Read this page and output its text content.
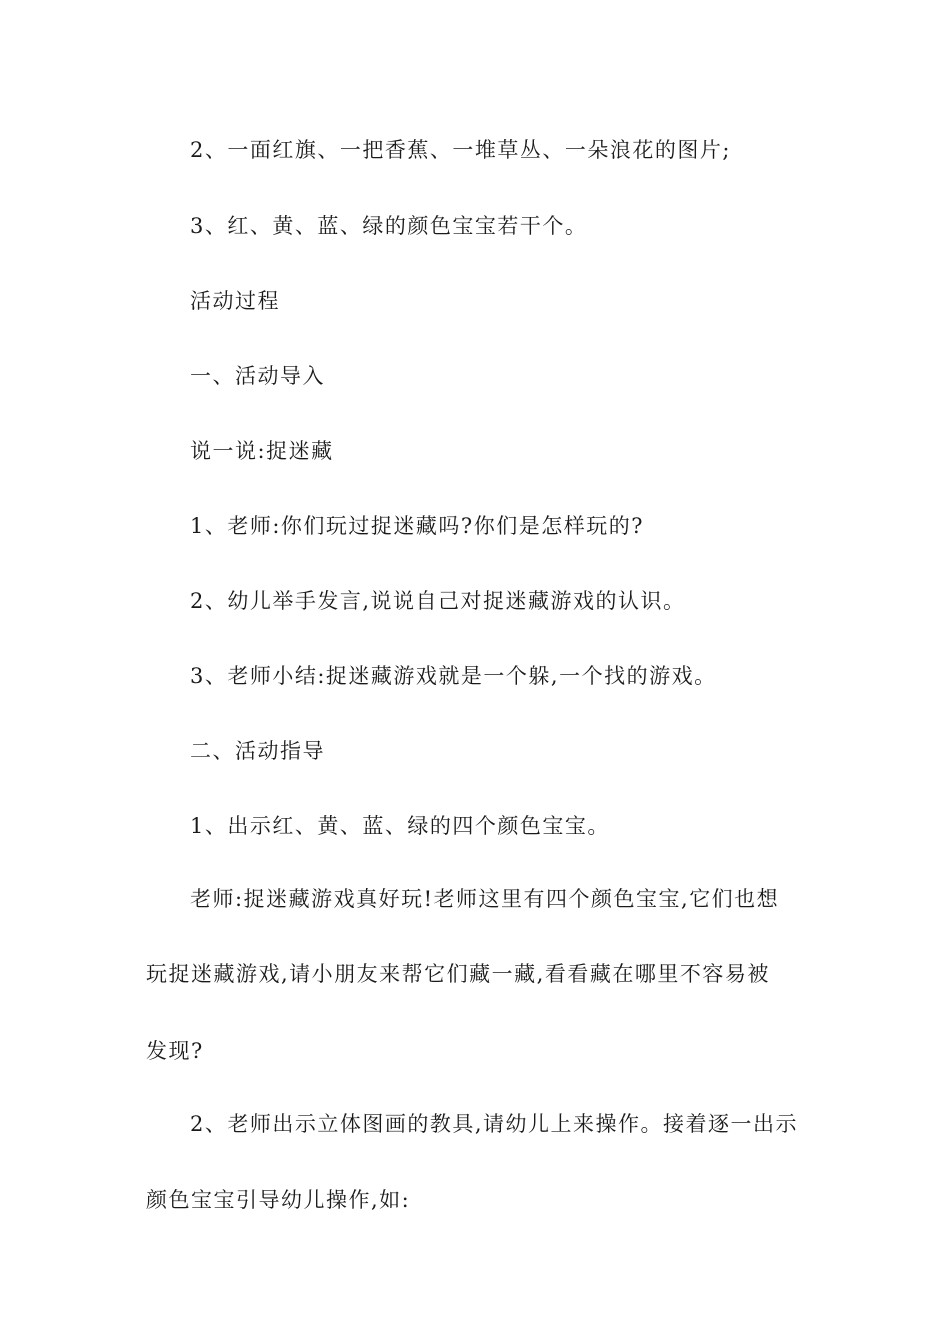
2、一面红旗、一把香蕉、一堆草丛、一朵浪花的图片;
3、红、黄、蓝、绿的颜色宝宝若干个。
活动过程
一、活动导入
说一说:捉迷藏
1、老师:你们玩过捉迷藏吗?你们是怎样玩的?
2、幼儿举手发言,说说自己对捉迷藏游戏的认识。
3、老师小结:捉迷藏游戏就是一个躲,一个找的游戏。
二、活动指导
1、出示红、黄、蓝、绿的四个颜色宝宝。
老师:捉迷藏游戏真好玩!老师这里有四个颜色宝宝,它们也想
玩捉迷藏游戏,请小朋友来帮它们藏一藏,看看藏在哪里不容易被
发现?
2、老师出示立体图画的教具,请幼儿上来操作。接着逐一出示
颜色宝宝引导幼儿操作,如:
